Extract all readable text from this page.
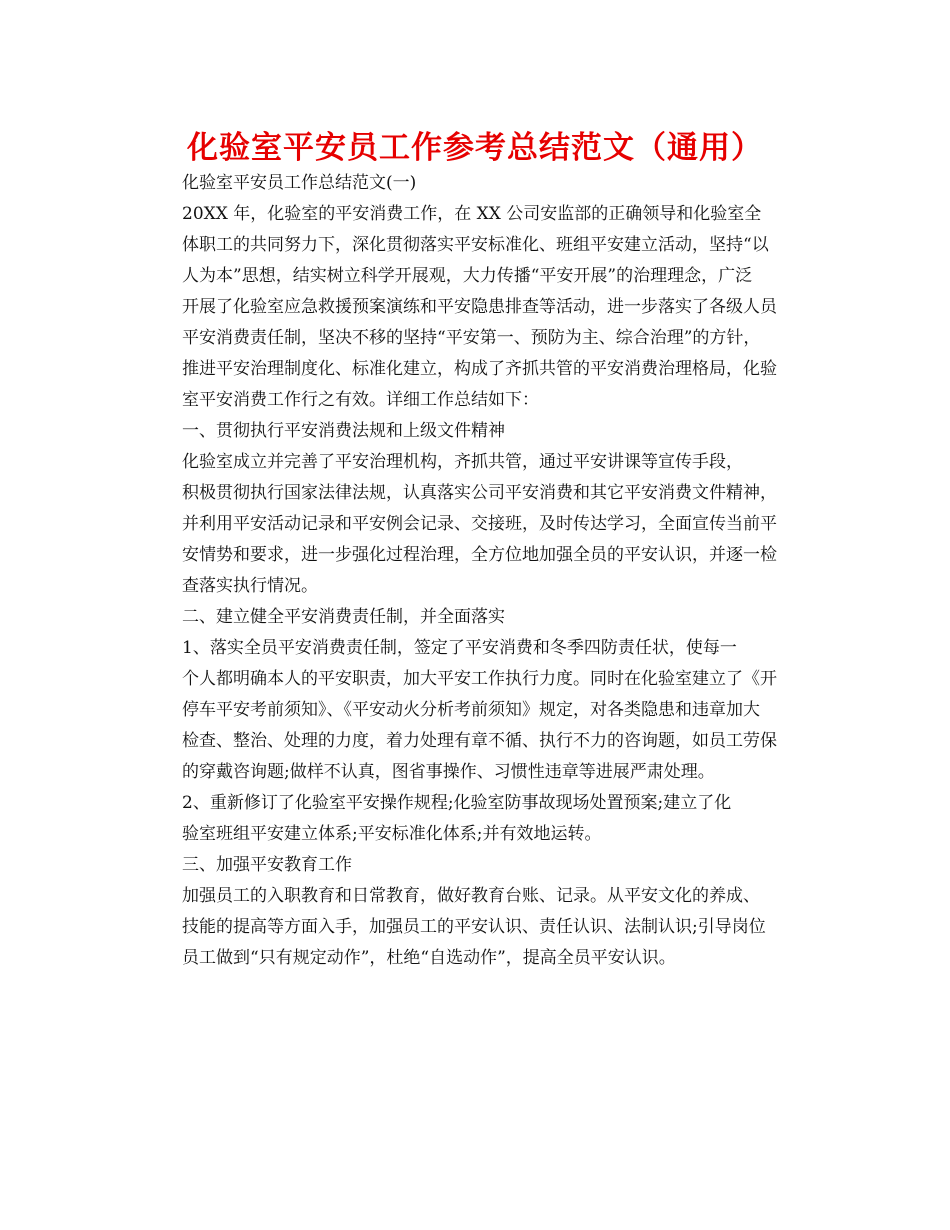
化验室平安员工作参考总结范文（通用）

化验室平安员工作总结范文(一)

20XX 年，化验室的平安消费工作，在 XX 公司安监部的正确领导和化验室全
体职工的共同努力下，深化贯彻落实平安标准化、班组平安建立活动，坚持“以
人为本”思想，结实树立科学开展观，大力传播“平安开展”的治理理念，广泛
开展了化验室应急救援预案演练和平安隐患排查等活动，进一步落实了各级人员
平安消费责任制，坚决不移的坚持“平安第一、预防为主、综合治理”的方针，
推进平安治理制度化、标准化建立，构成了齐抓共管的平安消费治理格局，化验
室平安消费工作行之有效。详细工作总结如下：

一、贯彻执行平安消费法规和上级文件精神

化验室成立并完善了平安治理机构，齐抓共管，通过平安讲课等宣传手段，
积极贯彻执行国家法律法规，认真落实公司平安消费和其它平安消费文件精神，
并利用平安活动记录和平安例会记录、交接班，及时传达学习，全面宣传当前平
安情势和要求，进一步强化过程治理，全方位地加强全员的平安认识，并逐一检
查落实执行情况。

二、建立健全平安消费责任制，并全面落实

1、落实全员平安消费责任制，签定了平安消费和冬季四防责任状，使每一
个人都明确本人的平安职责，加大平安工作执行力度。同时在化验室建立了《开
停车平安考前须知》、《平安动火分析考前须知》规定，对各类隐患和违章加大
检查、整治、处理的力度，着力处理有章不循、执行不力的咨询题，如员工劳保
的穿戴咨询题;做样不认真，图省事操作、习惯性违章等进展严肃处理。

2、重新修订了化验室平安操作规程;化验室防事故现场处置预案;建立了化
验室班组平安建立体系;平安标准化体系;并有效地运转。

三、加强平安教育工作

加强员工的入职教育和日常教育，做好教育台账、记录。从平安文化的养成、
技能的提高等方面入手，加强员工的平安认识、责任认识、法制认识;引导岗位
员工做到“只有规定动作”，杜绝“自选动作”，提高全员平安认识。
